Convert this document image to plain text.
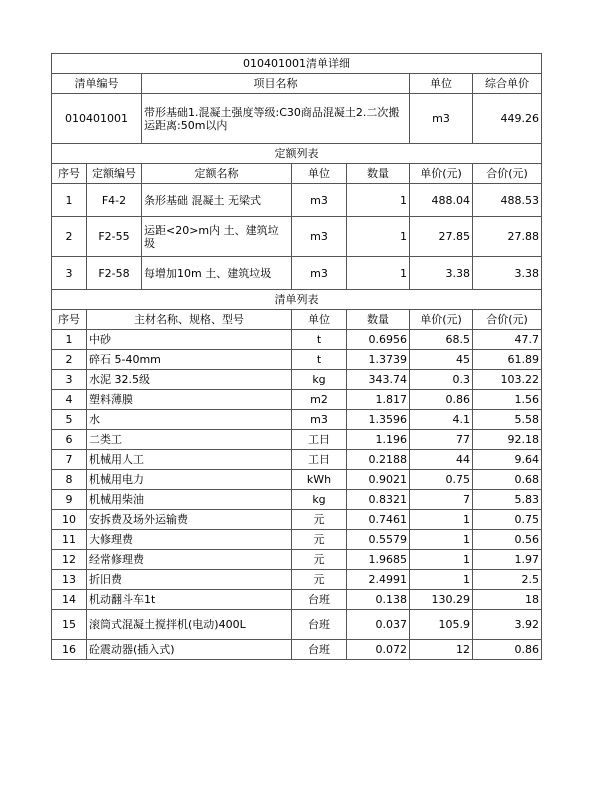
010401001清单详细						
清单编号		项目名称			单位	综合单价
010401001		带形基础1.混凝土强度等级:C30商品混凝土2.二次搬运距离:50m以内			m3	449.26
定额列表						
序号	定额编号	定额名称	单位	数量	单价(元)	合价(元)
1	F4-2	条形基础 混凝土 无梁式	m3	1	488.04	488.53
2	F2-55	运距<20>m内 土、建筑垃圾	m3	1	27.85	27.88
3	F2-58	每增加10m 土、建筑垃圾	m3	1	3.38	3.38
清单列表						
序号	主材名称、规格、型号		单位	数量	单价(元)	合价(元)
1	中砂		t	0.6956	68.5	47.7
2	碎石 5-40mm		t	1.3739	45	61.89
3	水泥 32.5级		kg	343.74	0.3	103.22
4	塑料薄膜		m2	1.817	0.86	1.56
5	水		m3	1.3596	4.1	5.58
6	二类工		工日	1.196	77	92.18
7	机械用人工		工日	0.2188	44	9.64
8	机械用电力		kWh	0.9021	0.75	0.68
9	机械用柴油		kg	0.8321	7	5.83
10	安拆费及场外运输费		元	0.7461	1	0.75
11	大修理费		元	0.5579	1	0.56
12	经常修理费		元	1.9685	1	1.97
13	折旧费		元	2.4991	1	2.5
14	机动翻斗车1t		台班	0.138	130.29	18
15	滚筒式混凝土搅拌机(电动)400L		台班	0.037	105.9	3.92
16	砼震动器(插入式)		台班	0.072	12	0.86
